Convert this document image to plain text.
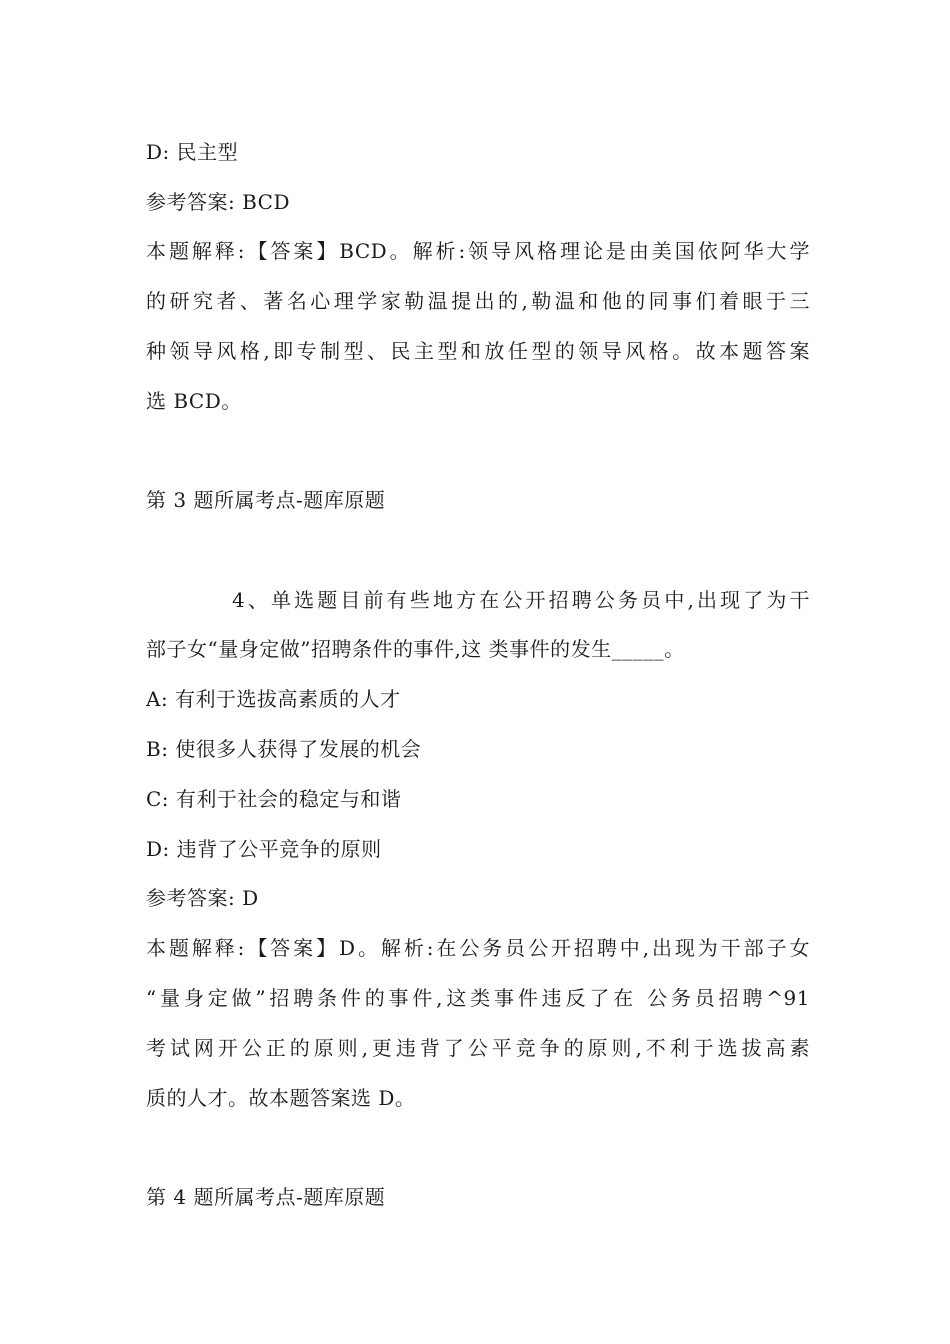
D: 民主型
参考答案: BCD
本题解释:【答案】BCD。解析:领导风格理论是由美国依阿华大学
的研究者、著名心理学家勒温提出的,勒温和他的同事们着眼于三
种领导风格,即专制型、民主型和放任型的领导风格。故本题答案
选 BCD。
第 3 题所属考点-题库原题
4、单选题目前有些地方在公开招聘公务员中,出现了为干
部子女“量身定做”招聘条件的事件,这 类事件的发生_____。
A: 有利于选拔高素质的人才
B: 使很多人获得了发展的机会
C: 有利于社会的稳定与和谐
D: 违背了公平竞争的原则
参考答案: D
本题解释:【答案】D。解析:在公务员公开招聘中,出现为干部子女
“量身定做”招聘条件的事件,这类事件违反了在 公务员招聘^91
考试网开公正的原则,更违背了公平竞争的原则,不利于选拔高素
质的人才。故本题答案选 D。
第 4 题所属考点-题库原题
